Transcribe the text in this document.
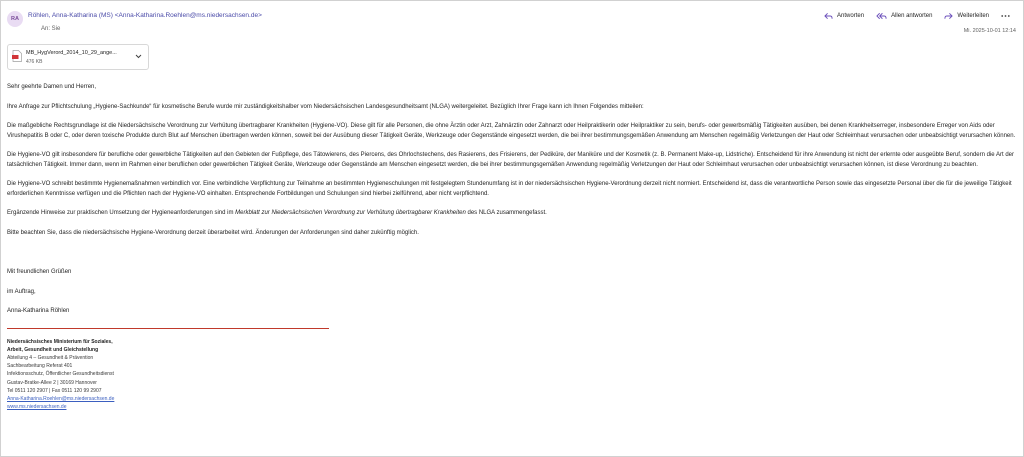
RA	Röhlen, Anna-Katharina (MS) <Anna-Katharina.Roehlen@ms.niedersachsen.de>
An: Sie
Antworten	Allen antworten	Weiterleiten
Mi. 2025-10-01 12:14
MB_HygVerord_2014_10_29_ange...
476 KB

Sehr geehrte Damen und Herren,

Ihre Anfrage zur Pflichtschulung „Hygiene-Sachkunde“ für kosmetische Berufe wurde mir zuständigkeitshalber vom Niedersächsischen Landesgesundheitsamt (NLGA) weitergeleitet. Bezüglich Ihrer Frage kann ich Ihnen Folgendes mitteilen:

Die maßgebliche Rechtsgrundlage ist die Niedersächsische Verordnung zur Verhütung übertragbarer Krankheiten (Hygiene-VO). Diese gilt für alle Personen, die ohne Ärztin oder Arzt, Zahnärztin oder Zahnarzt oder Heilpraktikerin oder Heilpraktiker zu sein, berufs- oder gewerbsmäßig Tätigkeiten ausüben, bei denen Krankheitserreger, insbesondere Erreger von Aids oder Virushepatitis B oder C, oder deren toxische Produkte durch Blut auf Menschen übertragen werden können, soweit bei der Ausübung dieser Tätigkeit Geräte, Werkzeuge oder Gegenstände eingesetzt werden, die bei ihrer bestimmungsgemäßen Anwendung am Menschen regelmäßig Verletzungen der Haut oder Schleimhaut verursachen oder unbeabsichtigt verursachen können.

Die Hygiene-VO gilt insbesondere für berufliche oder gewerbliche Tätigkeiten auf den Gebieten der Fußpflege, des Tätowierens, des Piercens, des Ohrlochstechens, des Rasierens, des Frisierens, der Pediküre, der Maniküre und der Kosmetik (z. B. Permanent Make-up, Lidstriche). Entscheidend für ihre Anwendung ist nicht der erlernte oder ausgeübte Beruf, sondern die Art der tatsächlichen Tätigkeit. Immer dann, wenn im Rahmen einer beruflichen oder gewerblichen Tätigkeit Geräte, Werkzeuge oder Gegenstände am Menschen eingesetzt werden, die bei ihrer bestimmungsgemäßen Anwendung regelmäßig Verletzungen der Haut oder Schleimhaut verursachen oder unbeabsichtigt verursachen können, ist diese Verordnung zu beachten.

Die Hygiene-VO schreibt bestimmte Hygienemaßnahmen verbindlich vor. Eine verbindliche Verpflichtung zur Teilnahme an bestimmten Hygieneschulungen mit festgelegtem Stundenumfang ist in der niedersächsischen Hygiene-Verordnung derzeit nicht normiert. Entscheidend ist, dass die verantwortliche Person sowie das eingesetzte Personal über die für die jeweilige Tätigkeit erforderlichen Kenntnisse verfügen und die Pflichten nach der Hygiene-VO einhalten. Entsprechende Fortbildungen und Schulungen sind hierbei zielführend, aber nicht verpflichtend.

Ergänzende Hinweise zur praktischen Umsetzung der Hygieneanforderungen sind im Merkblatt zur Niedersächsischen Verordnung zur Verhütung übertragbarer Krankheiten des NLGA zusammengefasst.

Bitte beachten Sie, dass die niedersächsische Hygiene-Verordnung derzeit überarbeitet wird. Änderungen der Anforderungen sind daher zukünftig möglich.

Mit freundlichen Grüßen

im Auftrag,

Anna-Katharina Röhlen

Niedersächsisches Ministerium für Soziales,
Arbeit, Gesundheit und Gleichstellung
Abteilung 4 – Gesundheit & Prävention
Sachbearbeitung Referat 401
Infektionsschutz, Öffentlicher Gesundheitsdienst
Gustav-Bratke-Allee 2 | 30169 Hannover
Tel 0511 120 2907 | Fax 0511 120 99 2907
Anna-Katharina.Roehlen@ms.niedersachsen.de
www.ms.niedersachsen.de
